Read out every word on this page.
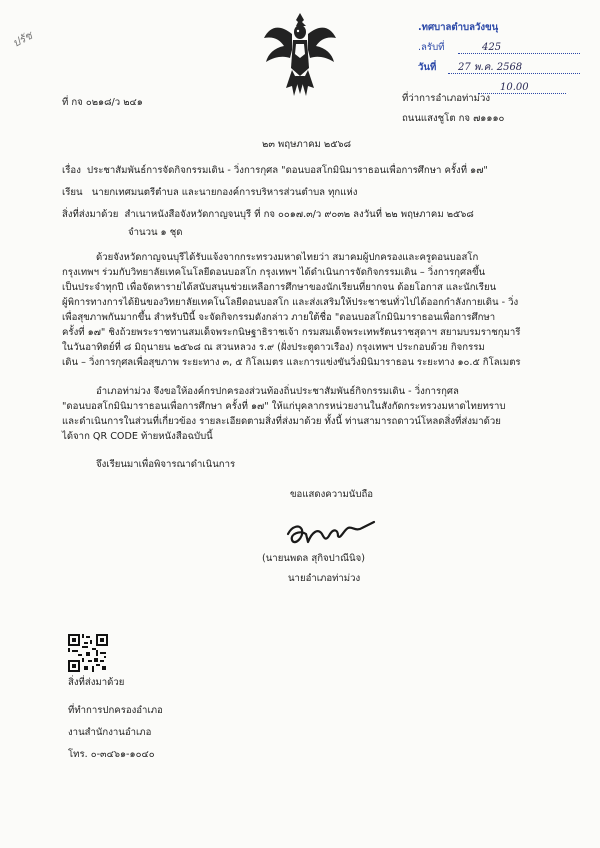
ปรัช
.ทศบาลตำบลวังขนุ
.ลรับที่	425
วันที่ 27 พ.ค. 2568
10.00
ที่ กจ ๐๒๑๘/ว ๒๔๑	ที่ว่าการอำเภอท่าม่วง
ถนนแสงชูโต กจ ๗๑๑๑๐
๒๓ พฤษภาคม ๒๕๖๘
เรื่อง ประชาสัมพันธ์การจัดกิจกรรมเดิน - วิ่งการกุศล "ดอนบอสโกมินิมาราธอนเพื่อการศึกษา ครั้งที่ ๑๗"
เรียน นายกเทศมนตรีตำบล และนายกองค์การบริหารส่วนตำบล ทุกแห่ง
สิ่งที่ส่งมาด้วย สำเนาหนังสือจังหวัดกาญจนบุรี ที่ กจ ๐๐๑๗.๓/ว ๙๐๓๒ ลงวันที่ ๒๒ พฤษภาคม ๒๕๖๘
จำนวน ๑ ชุด
ด้วยจังหวัดกาญจนบุรีได้รับแจ้งจากกระทรวงมหาดไทยว่า สมาคมผู้ปกครองและครูดอนบอสโก
กรุงเทพฯ ร่วมกับวิทยาลัยเทคโนโลยีดอนบอสโก กรุงเทพฯ ได้ดำเนินการจัดกิจกรรมเดิน – วิ่งการกุศลขึ้น
เป็นประจำทุกปี เพื่อจัดหารายได้สนับสนุนช่วยเหลือการศึกษาของนักเรียนที่ยากจน ด้อยโอกาส และนักเรียน
ผู้พิการทางการได้ยินของวิทยาลัยเทคโนโลยีดอนบอสโก และส่งเสริมให้ประชาชนทั่วไปได้ออกกำลังกายเดิน - วิ่ง
เพื่อสุขภาพกันมากขึ้น สำหรับปีนี้ จะจัดกิจกรรมดังกล่าว ภายใต้ชื่อ "ดอนบอสโกมินิมาราธอนเพื่อการศึกษา
ครั้งที่ ๑๗" ชิงถ้วยพระราชทานสมเด็จพระกนิษฐาธิราชเจ้า กรมสมเด็จพระเทพรัตนราชสุดาฯ สยามบรมราชกุมารี
ในวันอาทิตย์ที่ ๘ มิถุนายน ๒๕๖๘ ณ สวนหลวง ร.๙ (ฝั่งประตูดาวเรือง) กรุงเทพฯ ประกอบด้วย กิจกรรม
เดิน – วิ่งการกุศลเพื่อสุขภาพ ระยะทาง ๓, ๕ กิโลเมตร และการแข่งขันวิ่งมินิมาราธอน ระยะทาง ๑๐.๕ กิโลเมตร
อำเภอท่าม่วง จึงขอให้องค์กรปกครองส่วนท้องถิ่นประชาสัมพันธ์กิจกรรมเดิน - วิ่งการกุศล
"ดอนบอสโกมินิมาราธอนเพื่อการศึกษา ครั้งที่ ๑๗" ให้แก่บุคลากรหน่วยงานในสังกัดกระทรวงมหาดไทยทราบ
และดำเนินการในส่วนที่เกี่ยวข้อง รายละเอียดตามสิ่งที่ส่งมาด้วย ทั้งนี้ ท่านสามารถดาวน์โหลดสิ่งที่ส่งมาด้วย
ได้จาก QR CODE ท้ายหนังสือฉบับนี้
จึงเรียนมาเพื่อพิจารณาดำเนินการ
ขอแสดงความนับถือ
(นายนพดล สุกิจปาณีนิจ)
นายอำเภอท่าม่วง
สิ่งที่ส่งมาด้วย
ที่ทำการปกครองอำเภอ
งานสำนักงานอำเภอ
โทร. ๐-๓๔๖๑-๑๐๔๐
